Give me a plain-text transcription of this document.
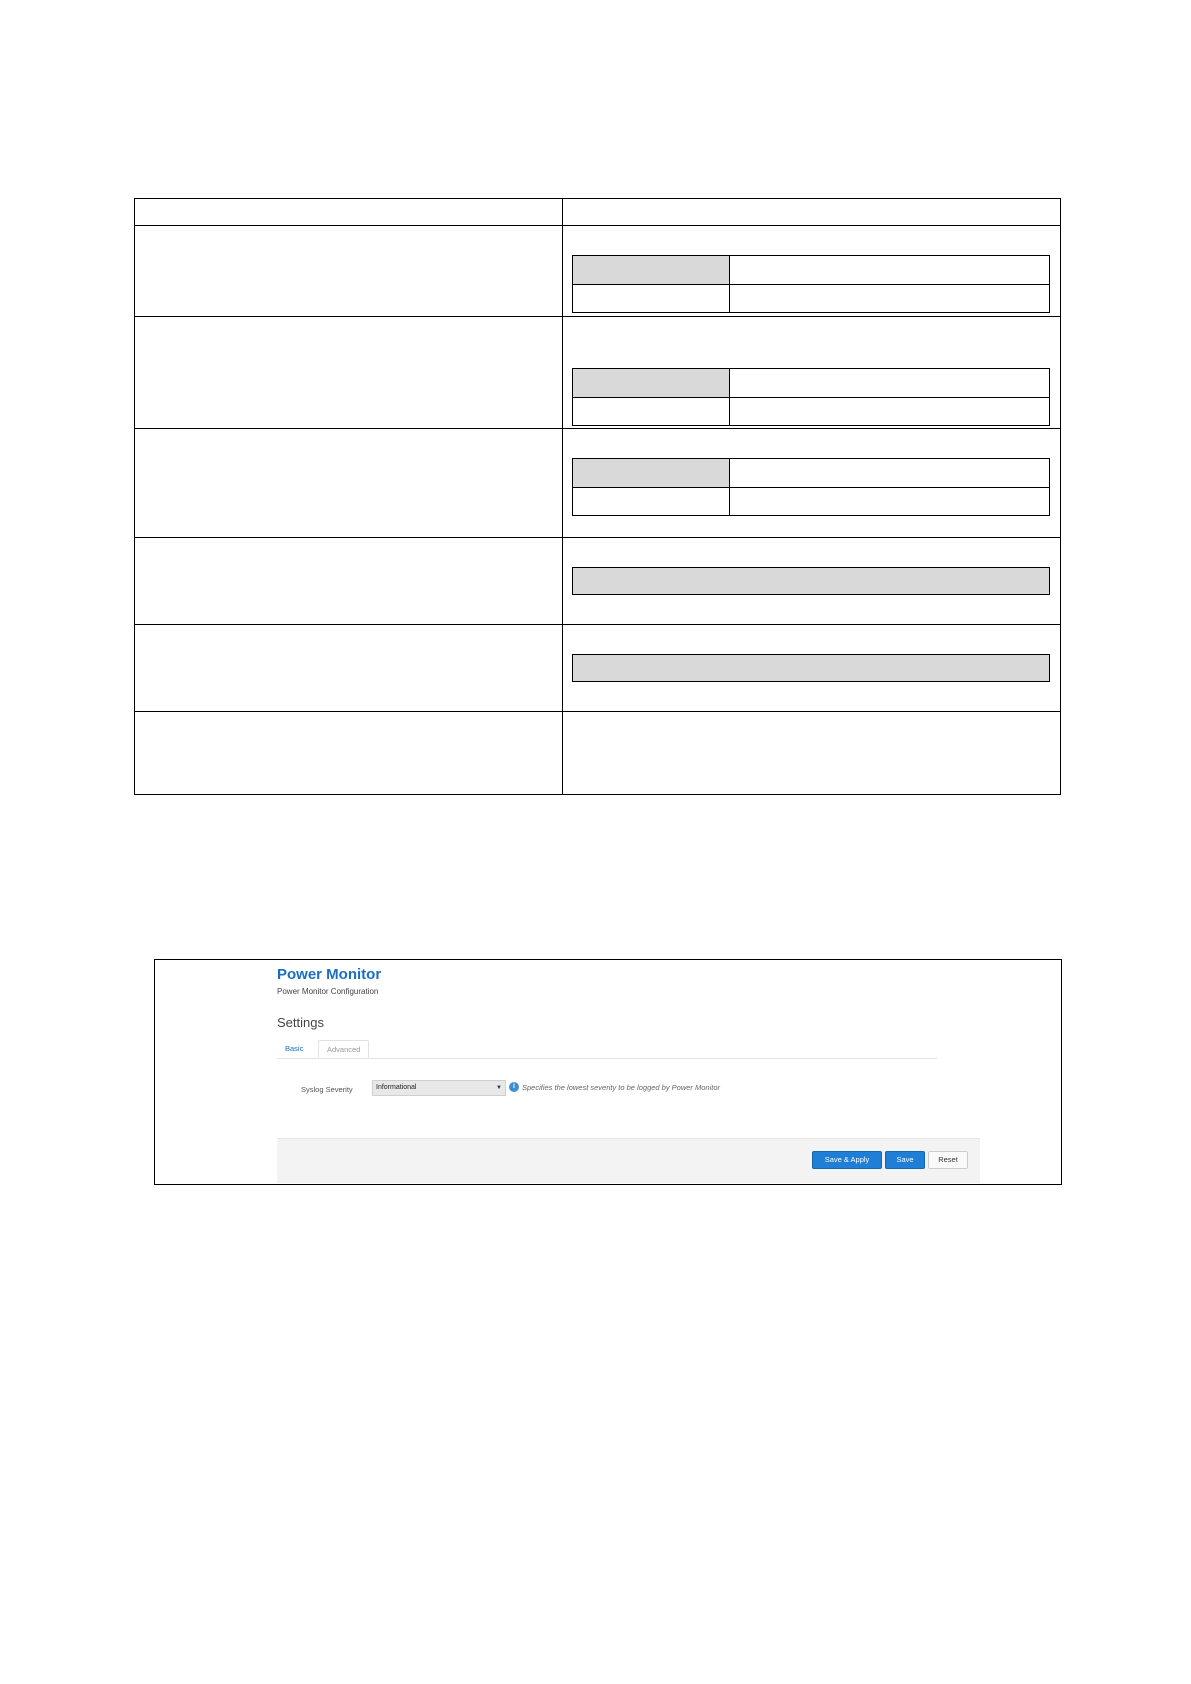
Power Monitor
Power Monitor Configuration
Settings
Basic	Advanced
Syslog Severity	Informational	▼	i Specifies the lowest severity to be logged by Power Monitor
Save & Apply	Save	Reset
